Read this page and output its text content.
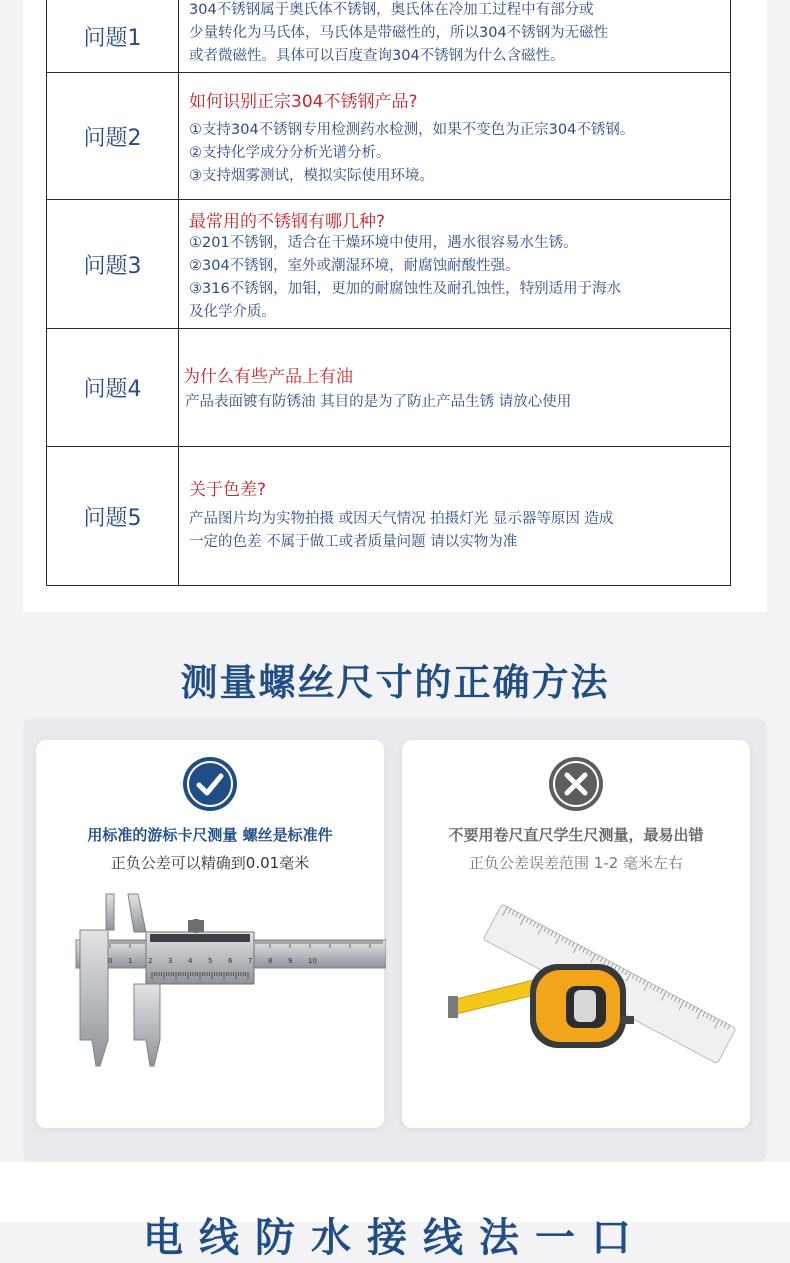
问题1
304不锈钢属于奥氏体不锈钢，奥氏体在冷加工过程中有部分或
少量转化为马氏体，马氏体是带磁性的，所以304不锈钢为无磁性
或者微磁性。具体可以百度查询304不锈钢为什么含磁性。
问题2
如何识别正宗304不锈钢产品?
①支持304不锈钢专用检测药水检测，如果不变色为正宗304不锈钢。
②支持化学成分分析光谱分析。
③支持烟雾测试，模拟实际使用环境。
问题3
最常用的不锈钢有哪几种?
①201不锈钢，适合在干燥环境中使用，遇水很容易水生锈。
②304不锈钢，室外或潮湿环境，耐腐蚀耐酸性强。
③316不锈钢，加钼，更加的耐腐蚀性及耐孔蚀性，特别适用于海水
及化学介质。
问题4	为什么有些产品上有油
产品表面镀有防锈油 其目的是为了防止产品生锈 请放心使用
问题5
关于色差?
产品图片均为实物拍摄 或因天气情况 拍摄灯光 显示器等原因 造成
一定的色差 不属于做工或者质量问题 请以实物为准
测量螺丝尺寸的正确方法
用标准的游标卡尺测量 螺丝是标准件
正负公差可以精确到0.01毫米
0 1 2 3 4 5 6 7 8 9 10
不要用卷尺直尺学生尺测量，最易出错
正负公差误差范围 1-2 毫米左右
电线防水接线法一口
